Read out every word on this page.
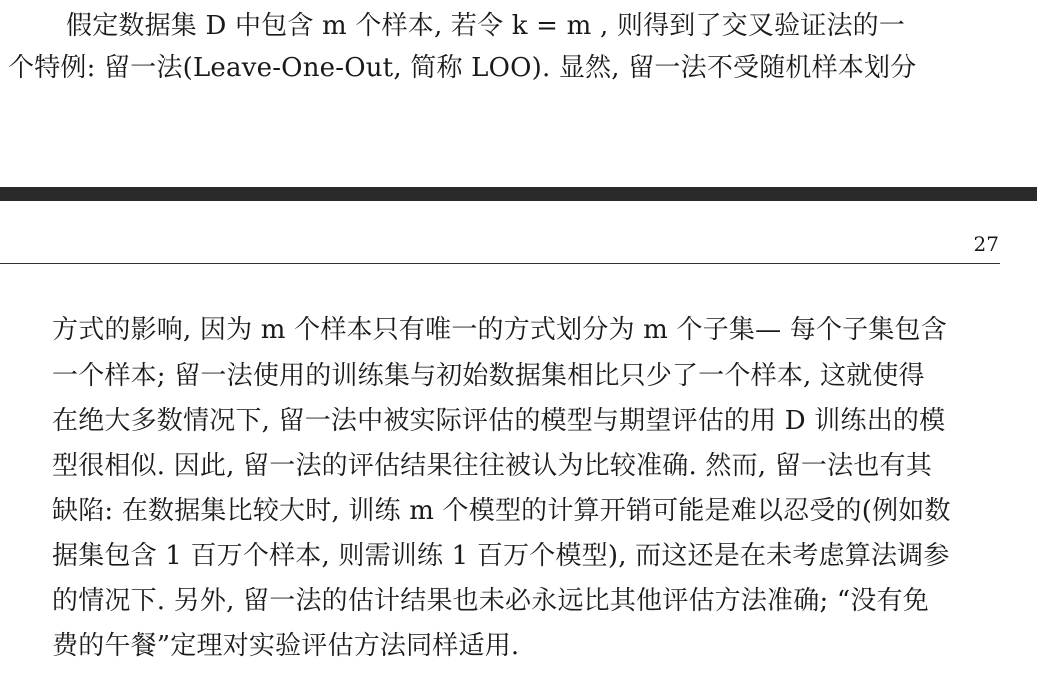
假定数据集 D 中包含 m 个样本, 若令 k = m , 则得到了交叉验证法的一
个特例: 留一法(Leave-One-Out, 简称 LOO). 显然, 留一法不受随机样本划分
27
方式的影响, 因为 m 个样本只有唯一的方式划分为 m 个子集— 每个子集包含
一个样本; 留一法使用的训练集与初始数据集相比只少了一个样本, 这就使得
在绝大多数情况下, 留一法中被实际评估的模型与期望评估的用 D 训练出的模
型很相似. 因此, 留一法的评估结果往往被认为比较准确. 然而, 留一法也有其
缺陷: 在数据集比较大时, 训练 m 个模型的计算开销可能是难以忍受的(例如数
据集包含 1 百万个样本, 则需训练 1 百万个模型), 而这还是在未考虑算法调参
的情况下. 另外, 留一法的估计结果也未必永远比其他评估方法准确; “没有免
费的午餐”定理对实验评估方法同样适用.
